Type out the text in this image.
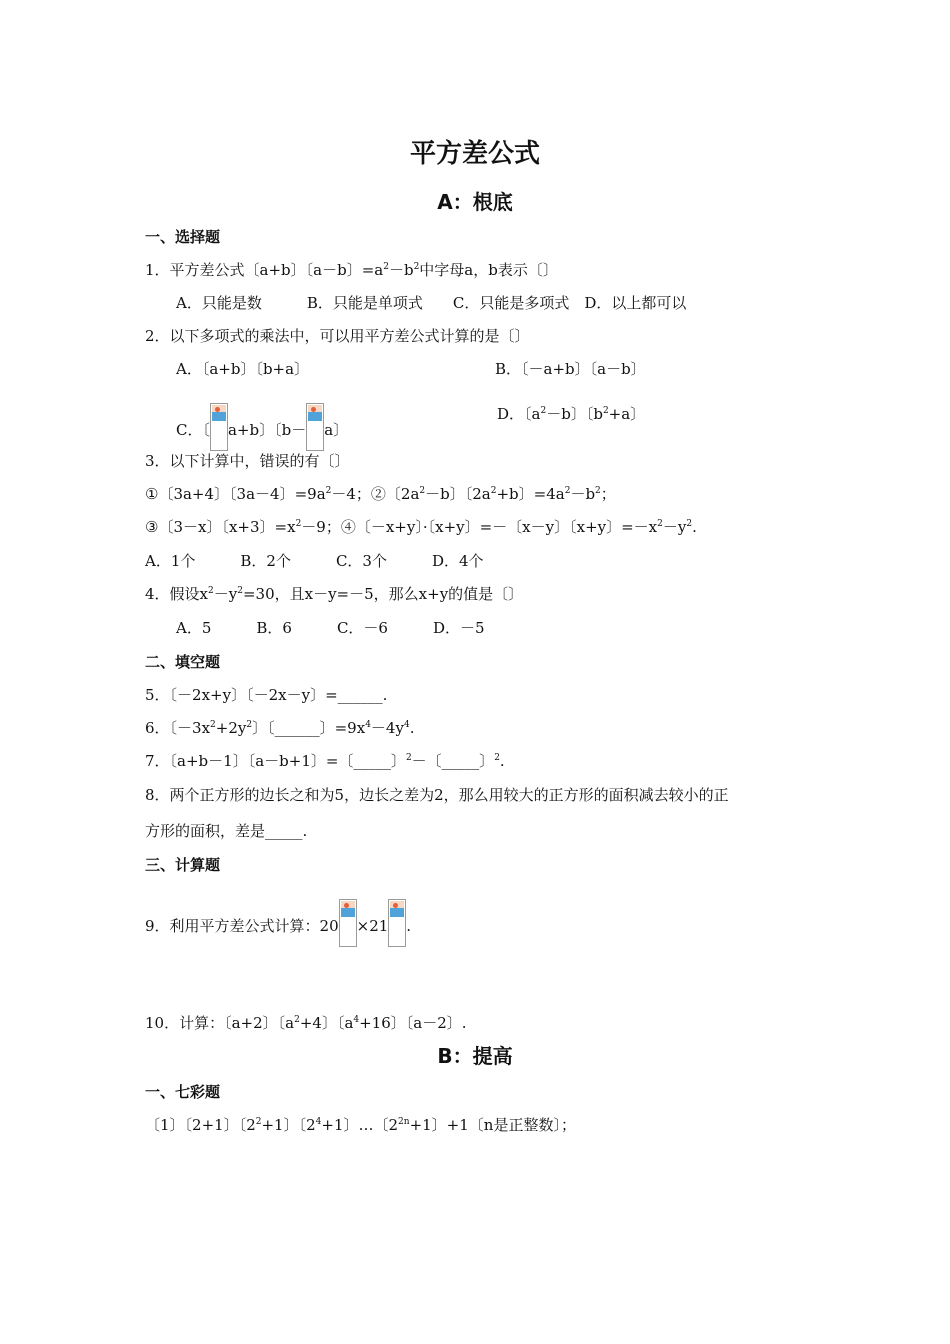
平方差公式
A：根底
一、选择题
1．平方差公式〔a+b〕〔a－b〕$=a^2-b^2$中字母a，b表示〔〕
A．只能是数　　　B．只能是单项式　　C．只能是多项式　D．以上都可以
2．以下多项式的乘法中，可以用平方差公式计算的是〔〕
A．〔a+b〕〔b+a〕	B．〔－a+b〕〔a－b〕
C．〔 a+b〕〔b－ a〕
D．〔$a^2-b$〕〔$b^2+a$〕
3．以下计算中，错误的有〔〕
①〔3a+4〕〔3a－4〕$=9a^2-4$；②〔$2a^2-b$〕〔$2a^2+b$〕$=4a^2-b^2$；
③〔3－x〕〔x+3〕$=x^2-9$；④〔－x+y〕·〔x+y〕=－〔x－y〕〔x+y〕$=-x^2-y^2$.
A．1个　　　B．2个　　　C．3个　　　D．4个
4．假设$x^2-y^2=30$，且x－y=－5，那么x+y的值是〔〕
A．5　　　B．6　　　C．－6　　　D．－5
二、填空题
5．〔－2x+y〕〔－2x－y〕=______.
6．〔$-3x^2+2y^2$〕〔______〕$=9x^4-4y^4$.
7．〔a+b－1〕〔a－b+1〕=〔_____〕$^2$－〔_____〕$^2$.
8．两个正方形的边长之和为5，边长之差为2，那么用较大的正方形的面积减去较小的正
方形的面积，差是_____.
三、计算题
9．利用平方差公式计算：20 ×21 .
10．计算：〔a+2〕〔$a^2+4$〕〔$a^4+16$〕〔a－2〕.
B：提高
一、七彩题
〔1〕〔2+1〕〔$2^2+1$〕〔$2^4+1$〕…〔$2^{2n}+1$〕+1〔n是正整数〕；
